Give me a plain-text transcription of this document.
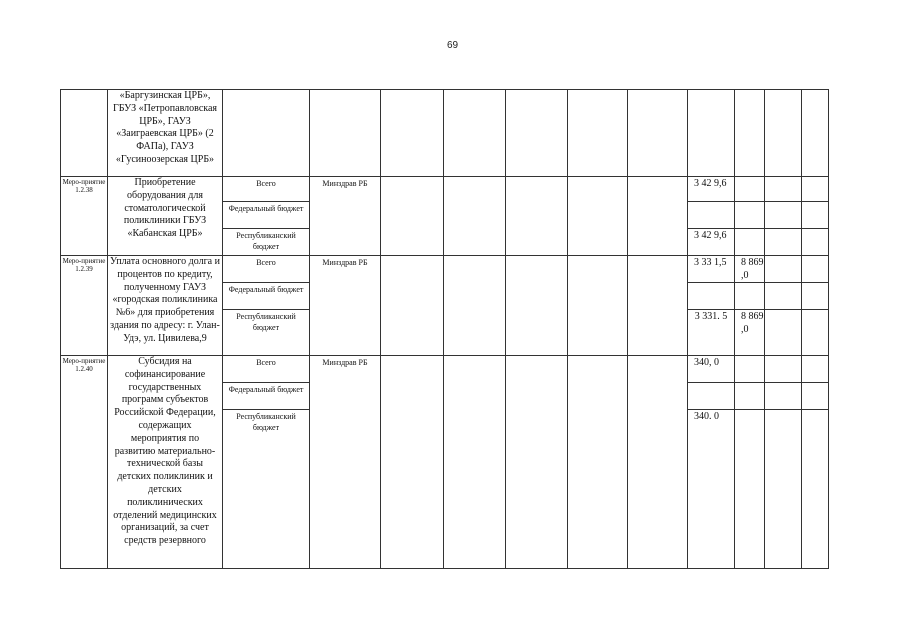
69
	«Баргузинская ЦРБ», ГБУЗ «Петропавловская ЦРБ», ГАУЗ «Заиграевская ЦРБ» (2 ФАПа), ГАУЗ «Гусиноозерская ЦРБ»											
Меро-приятие 1.2.38	Приобретение оборудования для стоматологической поликлиники ГБУЗ «Кабанская ЦРБ»	Всего	Минздрав РБ						3 42 9,6			
		Федеральный бюджет										
		Республиканский бюджет							3 42 9,6			
Меро-приятие 1.2.39	Уплата основного долга и процентов по кредиту, полученному ГАУЗ «городская поликлиника №6» для приобретения здания по адресу: г. Улан-Удэ, ул. Цивилева,9	Всего	Минздрав РБ						3 33 1,5	8 869 ,0		
		Федеральный бюджет										
		Республиканский бюджет							3 331. 5	8 869 ,0		
Меро-приятие 1.2.40	Субсидия на софинансирование государственных программ субъектов Российской Федерации, содержащих мероприятия по развитию материально-технической базы детских поликлиник и детских поликлинических отделений медицинских организаций, за счет средств резервного	Всего	Минздрав РБ						340, 0			
		Федеральный бюджет										
		Республиканский бюджет							340. 0			
